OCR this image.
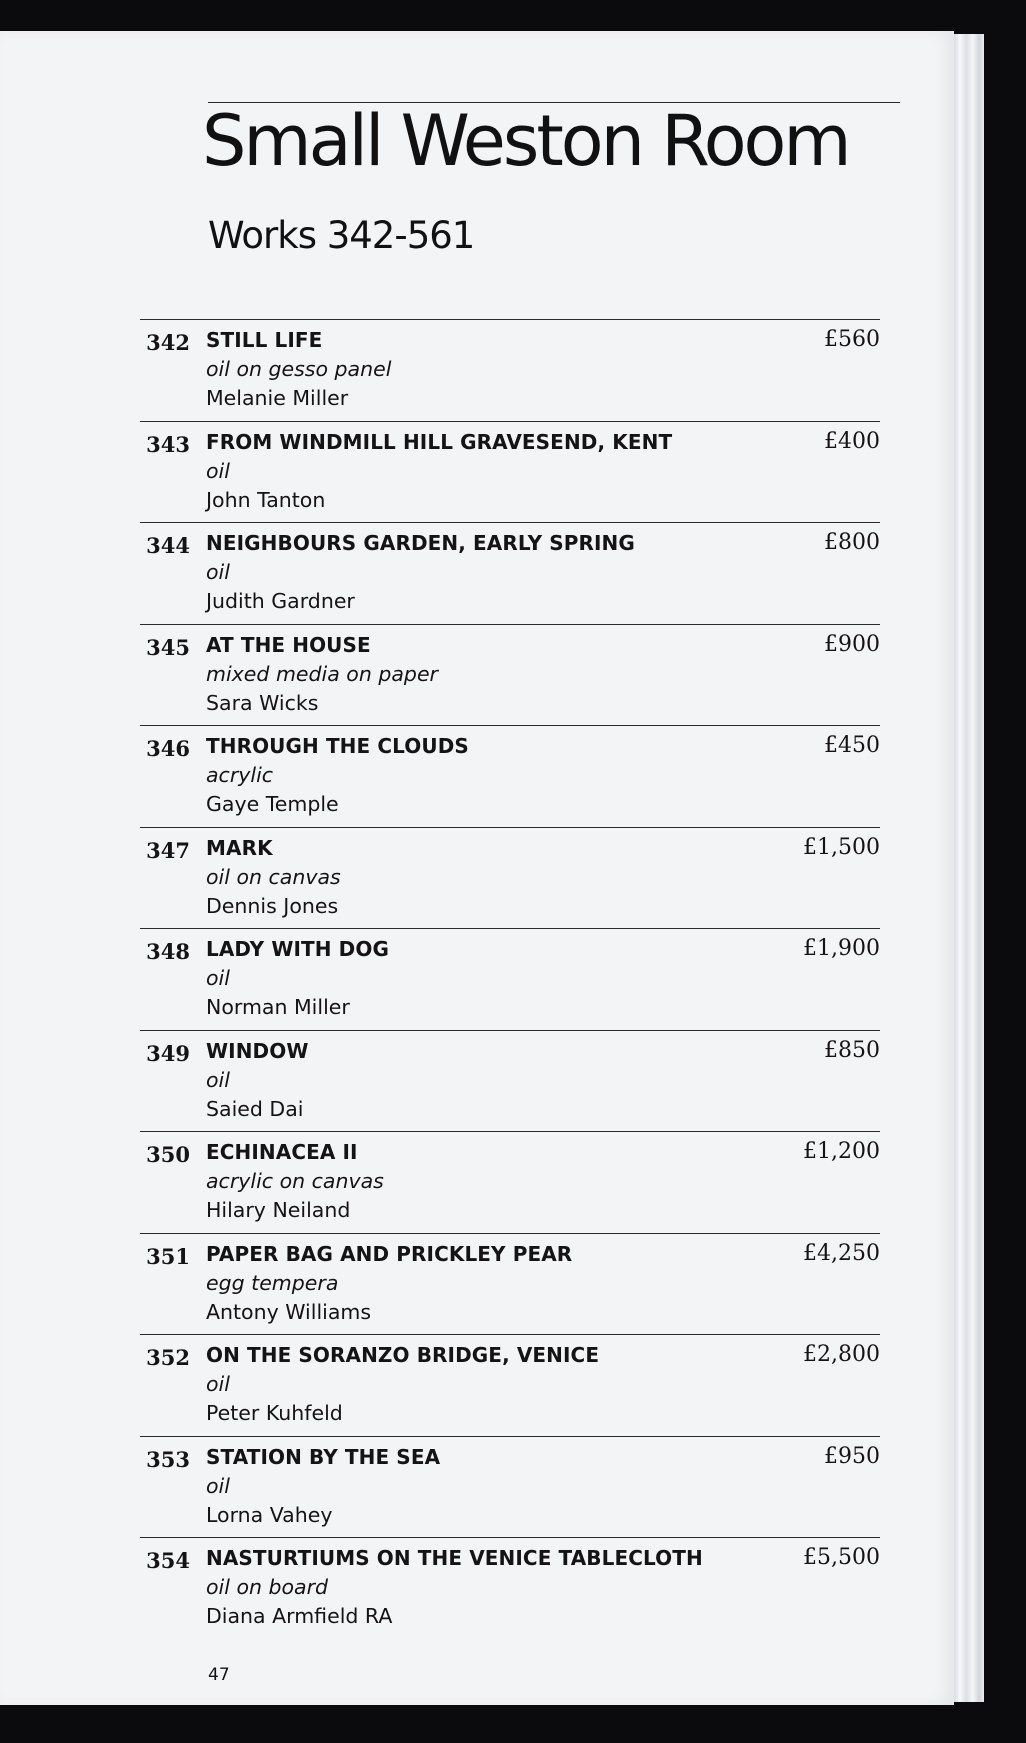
Small Weston Room
Works 342-561
342 STILL LIFE
oil on gesso panel
Melanie Miller
£560
343 FROM WINDMILL HILL GRAVESEND, KENT
oil
John Tanton
£400
344 NEIGHBOURS GARDEN, EARLY SPRING
oil
Judith Gardner
£800
345 AT THE HOUSE
mixed media on paper
Sara Wicks
£900
346 THROUGH THE CLOUDS
acrylic
Gaye Temple
£450
347 MARK
oil on canvas
Dennis Jones
£1,500
348 LADY WITH DOG
oil
Norman Miller
£1,900
349 WINDOW
oil
Saied Dai
£850
350 ECHINACEA II
acrylic on canvas
Hilary Neiland
£1,200
351 PAPER BAG AND PRICKLEY PEAR
egg tempera
Antony Williams
£4,250
352 ON THE SORANZO BRIDGE, VENICE
oil
Peter Kuhfeld
£2,800
353 STATION BY THE SEA
oil
Lorna Vahey
£950
354 NASTURTIUMS ON THE VENICE TABLECLOTH
oil on board
Diana Armfield RA
£5,500
47
